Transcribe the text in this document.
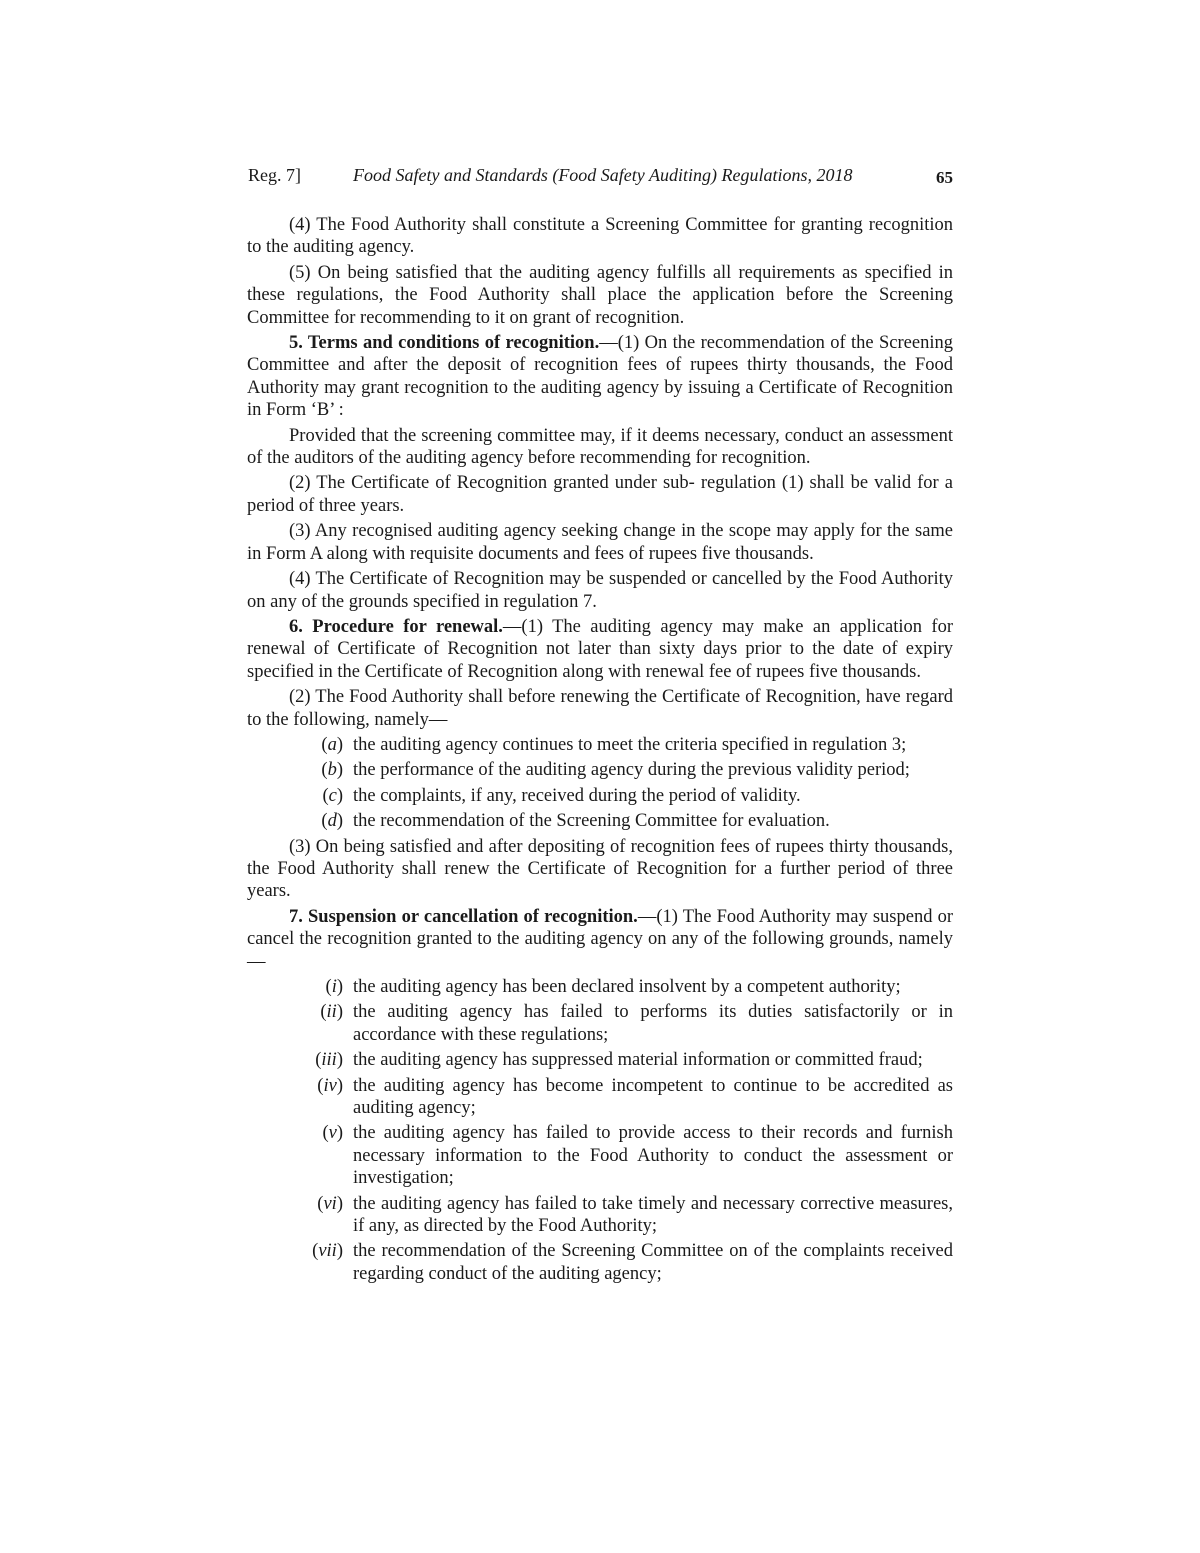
Reg. 7]	Food Safety and Standards (Food Safety Auditing) Regulations, 2018	65

(4) The Food Authority shall constitute a Screening Committee for granting recognition to the auditing agency.

(5) On being satisfied that the auditing agency fulfills all requirements as specified in these regulations, the Food Authority shall place the application before the Screening Committee for recommending to it on grant of recognition.

5. Terms and conditions of recognition.—(1) On the recommendation of the Screening Committee and after the deposit of recognition fees of rupees thirty thousands, the Food Authority may grant recognition to the auditing agency by issuing a Certificate of Recognition in Form ‘B’ :

Provided that the screening committee may, if it deems necessary, conduct an assessment of the auditors of the auditing agency before recommending for recognition.

(2) The Certificate of Recognition granted under sub- regulation (1) shall be valid for a period of three years.

(3) Any recognised auditing agency seeking change in the scope may apply for the same in Form A along with requisite documents and fees of rupees five thousands.

(4) The Certificate of Recognition may be suspended or cancelled by the Food Authority on any of the grounds specified in regulation 7.

6. Procedure for renewal.—(1) The auditing agency may make an application for renewal of Certificate of Recognition not later than sixty days prior to the date of expiry specified in the Certificate of Recognition along with renewal fee of rupees five thousands.

(2) The Food Authority shall before renewing the Certificate of Recognition, have regard to the following, namely—

(a) the auditing agency continues to meet the criteria specified in regulation 3;
(b) the performance of the auditing agency during the previous validity period;
(c) the complaints, if any, received during the period of validity.
(d) the recommendation of the Screening Committee for evaluation.

(3) On being satisfied and after depositing of recognition fees of rupees thirty thousands, the Food Authority shall renew the Certificate of Recognition for a further period of three years.

7. Suspension or cancellation of recognition.—(1) The Food Authority may suspend or cancel the recognition granted to the auditing agency on any of the following grounds, namely—

(i) the auditing agency has been declared insolvent by a competent authority;
(ii) the auditing agency has failed to performs its duties satisfactorily or in accordance with these regulations;
(iii) the auditing agency has suppressed material information or committed fraud;
(iv) the auditing agency has become incompetent to continue to be accredited as auditing agency;
(v) the auditing agency has failed to provide access to their records and furnish necessary information to the Food Authority to conduct the assessment or investigation;
(vi) the auditing agency has failed to take timely and necessary corrective measures, if any, as directed by the Food Authority;
(vii) the recommendation of the Screening Committee on of the complaints received regarding conduct of the auditing agency;
